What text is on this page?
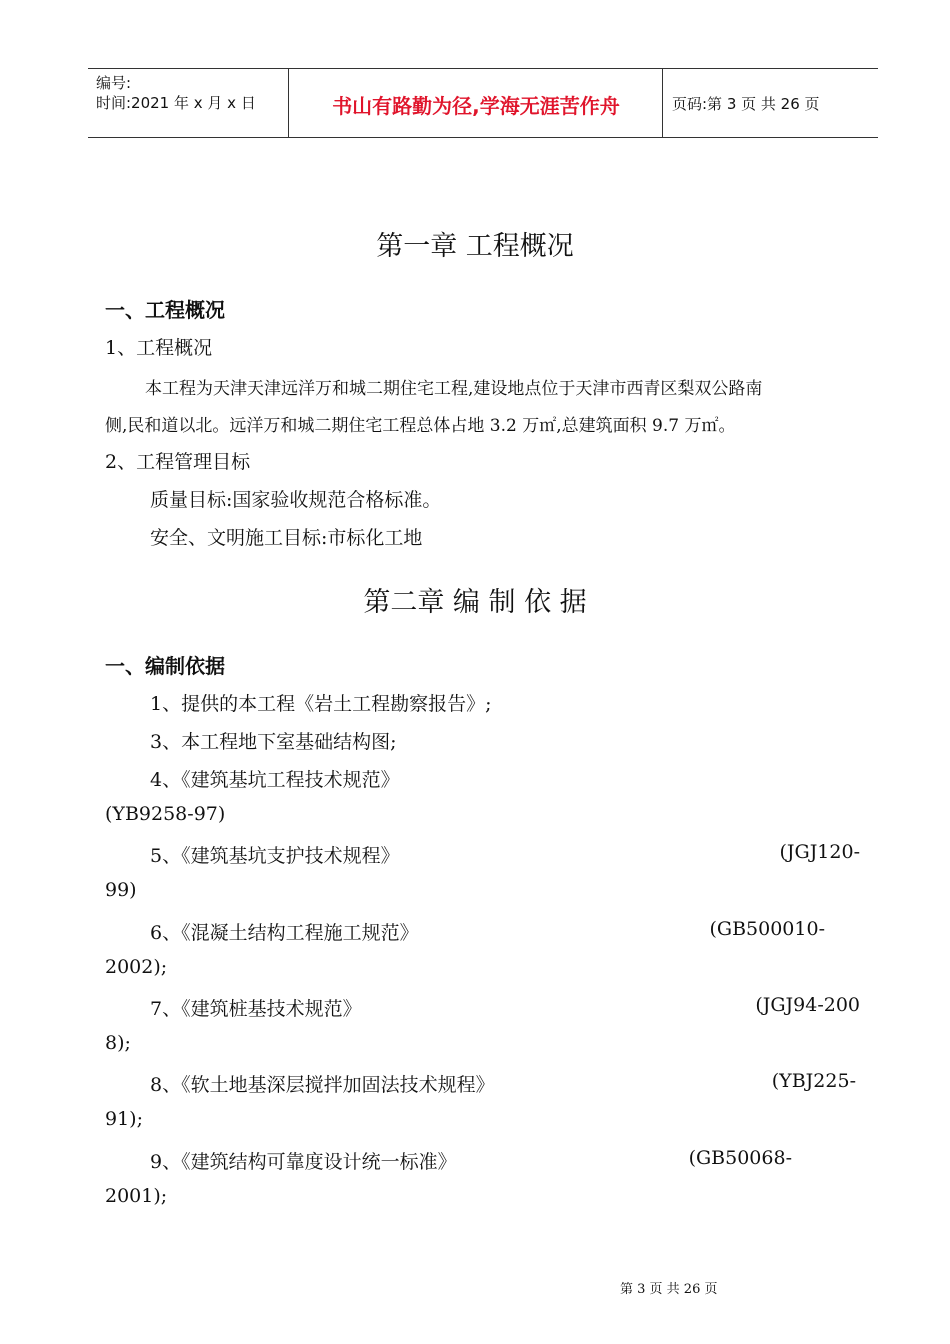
编号:
时间:2021 年 x 月 x 日	书山有路勤为径,学海无涯苦作舟	页码:第 3 页 共 26 页
第一章 工程概况
一、工程概况
1、工程概况
本工程为天津天津远洋万和城二期住宅工程,建设地点位于天津市西青区梨双公路南
侧,民和道以北。远洋万和城二期住宅工程总体占地 3.2 万㎡,总建筑面积 9.7 万㎡。
2、工程管理目标
质量目标:国家验收规范合格标准。
安全、文明施工目标:市标化工地
第二章 编 制 依 据
一、编制依据
1、提供的本工程《岩土工程勘察报告》;
3、本工程地下室基础结构图;
4、《建筑基坑工程技术规范》
(YB9258-97)
5、《建筑基坑支护技术规程》	(JGJ120-
99)
6、《混凝土结构工程施工规范》	(GB500010-
2002);
7、《建筑桩基技术规范》	(JGJ94-200
8);
8、《软土地基深层搅拌加固法技术规程》	(YBJ225-
91);
9、《建筑结构可靠度设计统一标准》	(GB50068-
2001);
第 3 页 共 26 页
